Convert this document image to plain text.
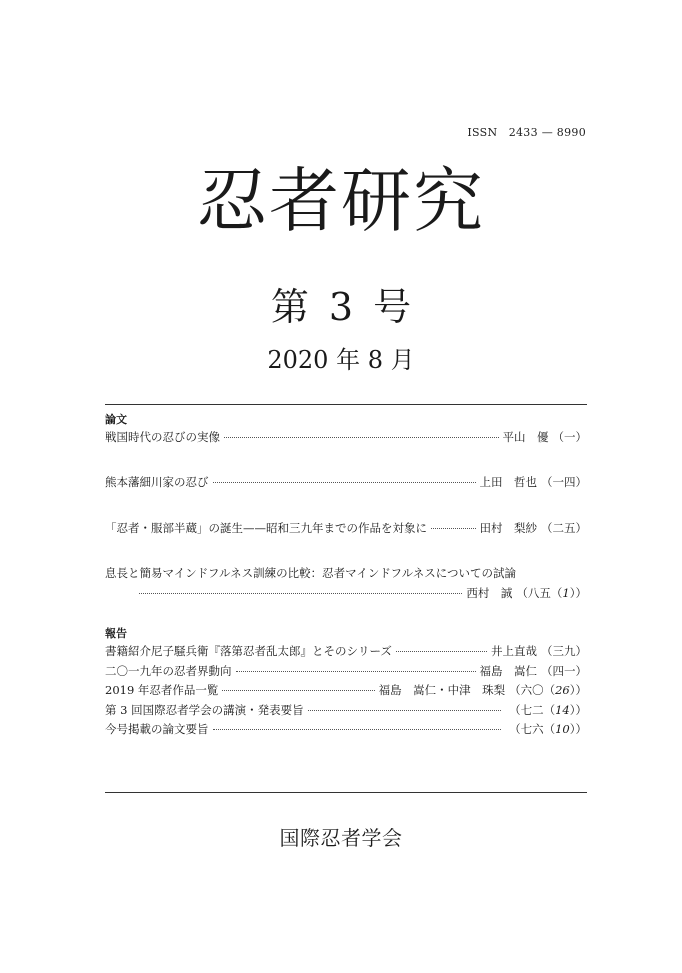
ISSN　2433 — 8990
忍者研究
第 3 号
2020 年 8 月
論文
戦国時代の忍びの実像	平山　優 （一）
熊本藩細川家の忍び	上田　哲也 （一四）
「忍者・服部半蔵」の誕生——昭和三九年までの作品を対象に	田村　梨紗 （二五）
息長と簡易マインドフルネス訓練の比較：忍者マインドフルネスについての試論
西村　誠 （八五（1））
報告
書籍紹介尼子騒兵衛『落第忍者乱太郎』とそのシリーズ	井上直哉 （三九）
二〇一九年の忍者界動向	福島　嵩仁 （四一）
2019 年忍者作品一覧	福島　嵩仁・中津　珠梨 （六〇（26））
第 3 回国際忍者学会の講演・発表要旨	（七二（14））
今号掲載の論文要旨	（七六（10））
国際忍者学会
